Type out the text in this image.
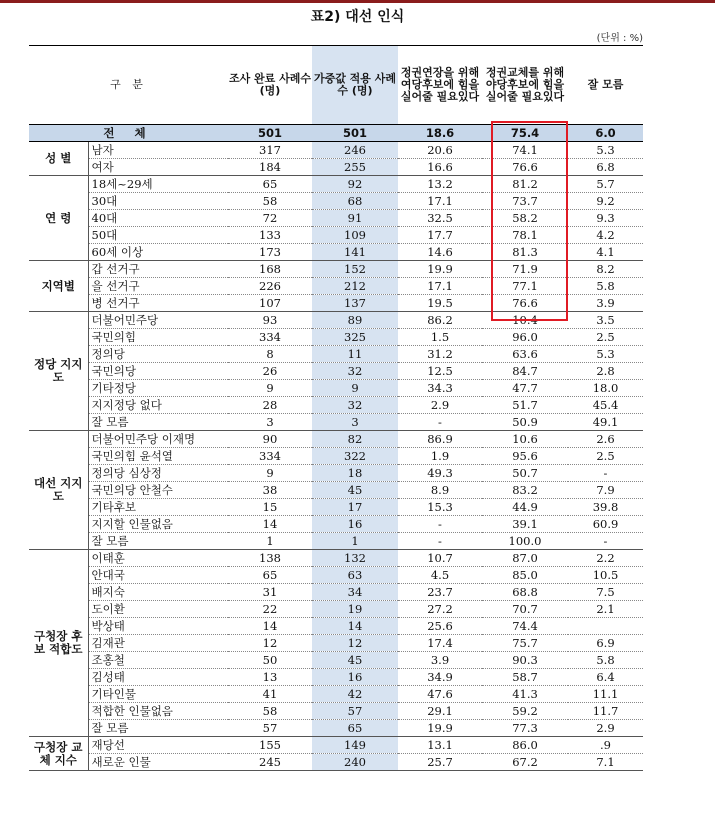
표2) 대선 인식
(단위 : %)
구 분		조사 완료 사례수 (명)	가중값 적용 사례수 (명)	정권연장을 위해 여당후보에 힘을 실어줄 필요있다	정권교체를 위해 야당후보에 힘을 실어줄 필요있다	잘 모름
전 체		501	501	18.6	75.4	6.0
성 별	남자	317	246	20.6	74.1	5.3
	여자	184	255	16.6	76.6	6.8
연 령	18세~29세	65	92	13.2	81.2	5.7
	30대	58	68	17.1	73.7	9.2
	40대	72	91	32.5	58.2	9.3
	50대	133	109	17.7	78.1	4.2
	60세 이상	173	141	14.6	81.3	4.1
지역별	갑 선거구	168	152	19.9	71.9	8.2
	을 선거구	226	212	17.1	77.1	5.8
	병 선거구	107	137	19.5	76.6	3.9
정당 지지도	더불어민주당	93	89	86.2	10.4	3.5
	국민의힘	334	325	1.5	96.0	2.5
	정의당	8	11	31.2	63.6	5.3
	국민의당	26	32	12.5	84.7	2.8
	기타정당	9	9	34.3	47.7	18.0
	지지정당 없다	28	32	2.9	51.7	45.4
	잘 모름	3	3	-	50.9	49.1
대선 지지도	더불어민주당 이재명	90	82	86.9	10.6	2.6
	국민의힘 윤석열	334	322	1.9	95.6	2.5
	정의당 심상정	9	18	49.3	50.7	-
	국민의당 안철수	38	45	8.9	83.2	7.9
	기타후보	15	17	15.3	44.9	39.8
	지지할 인물없음	14	16	-	39.1	60.9
	잘 모름	1	1	-	100.0	-
구청장 후보 적합도	이태훈	138	132	10.7	87.0	2.2
	안대국	65	63	4.5	85.0	10.5
	배지숙	31	34	23.7	68.8	7.5
	도이환	22	19	27.2	70.7	2.1
	박상태	14	14	25.6	74.4	
	김재관	12	12	17.4	75.7	6.9
	조홍철	50	45	3.9	90.3	5.8
	김성태	13	16	34.9	58.7	6.4
	기타인물	41	42	47.6	41.3	11.1
	적합한 인물없음	58	57	29.1	59.2	11.7
	잘 모름	57	65	19.9	77.3	2.9
구청장 교체 지수	재당선	155	149	13.1	86.0	.9
	새로운 인물	245	240	25.7	67.2	7.1
